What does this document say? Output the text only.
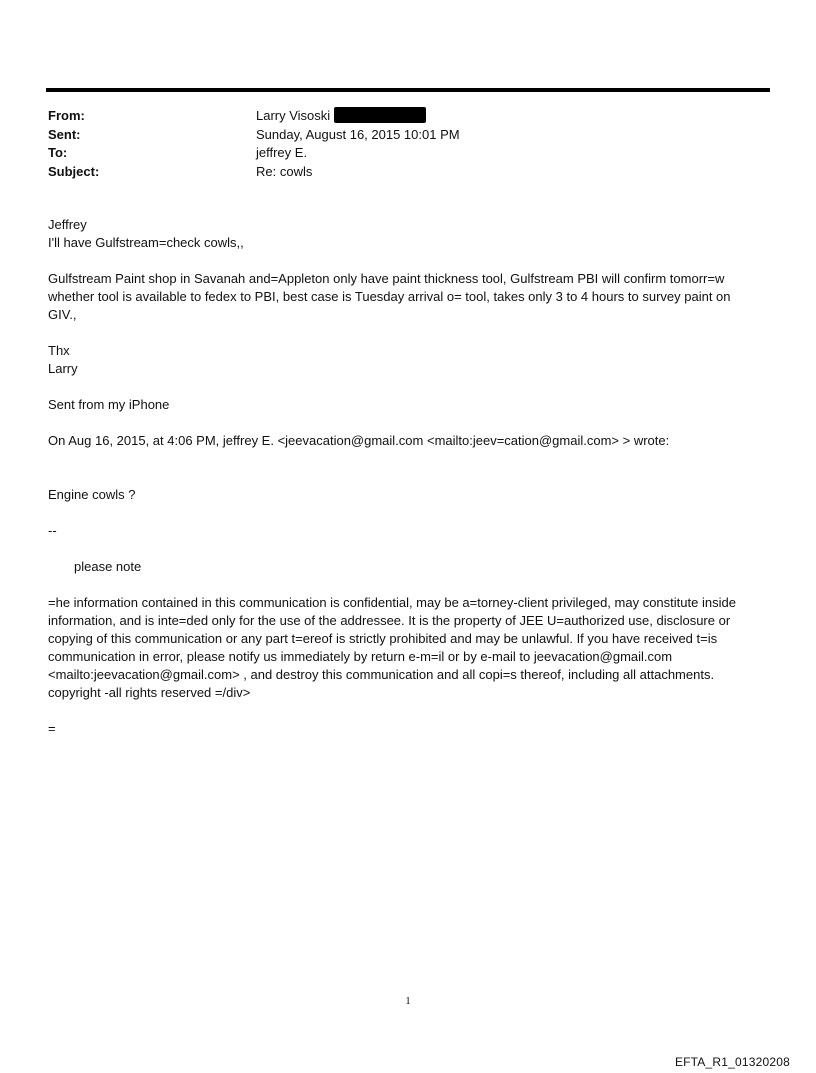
From:	Larry Visoski
Sent:	Sunday, August 16, 2015 10:01 PM
To:	jeffrey E.
Subject:	Re: cowls

Jeffrey

I'll have Gulfstream=check cowls,,

Gulfstream Paint shop in Savanah and=Appleton only have paint thickness tool, Gulfstream PBI will confirm tomorr=w whether tool is available to fedex to PBI, best case is Tuesday arrival o= tool, takes only 3 to 4 hours to survey paint on GIV.,

Thx

Larry

Sent from my iPhone

On Aug 16, 2015, at 4:06 PM, jeffrey E. <jeevacation@gmail.com <mailto:jeev=cation@gmail.com> > wrote:

Engine cowls ?

--

please note

=he information contained in this communication is confidential, may be a=torney-client privileged, may constitute inside information, and is inte=ded only for the use of the addressee. It is the property of JEE U=authorized use, disclosure or copying of this communication or any part t=ereof is strictly prohibited and may be unlawful. If you have received t=is communication in error, please notify us immediately by return e-m=il or by e-mail to jeevacation@gmail.com <mailto:jeevacation@gmail.com> , and destroy this communication and all copi=s thereof, including all attachments. copyright -all rights reserved =/div>

=

1
EFTA_R1_01320208
